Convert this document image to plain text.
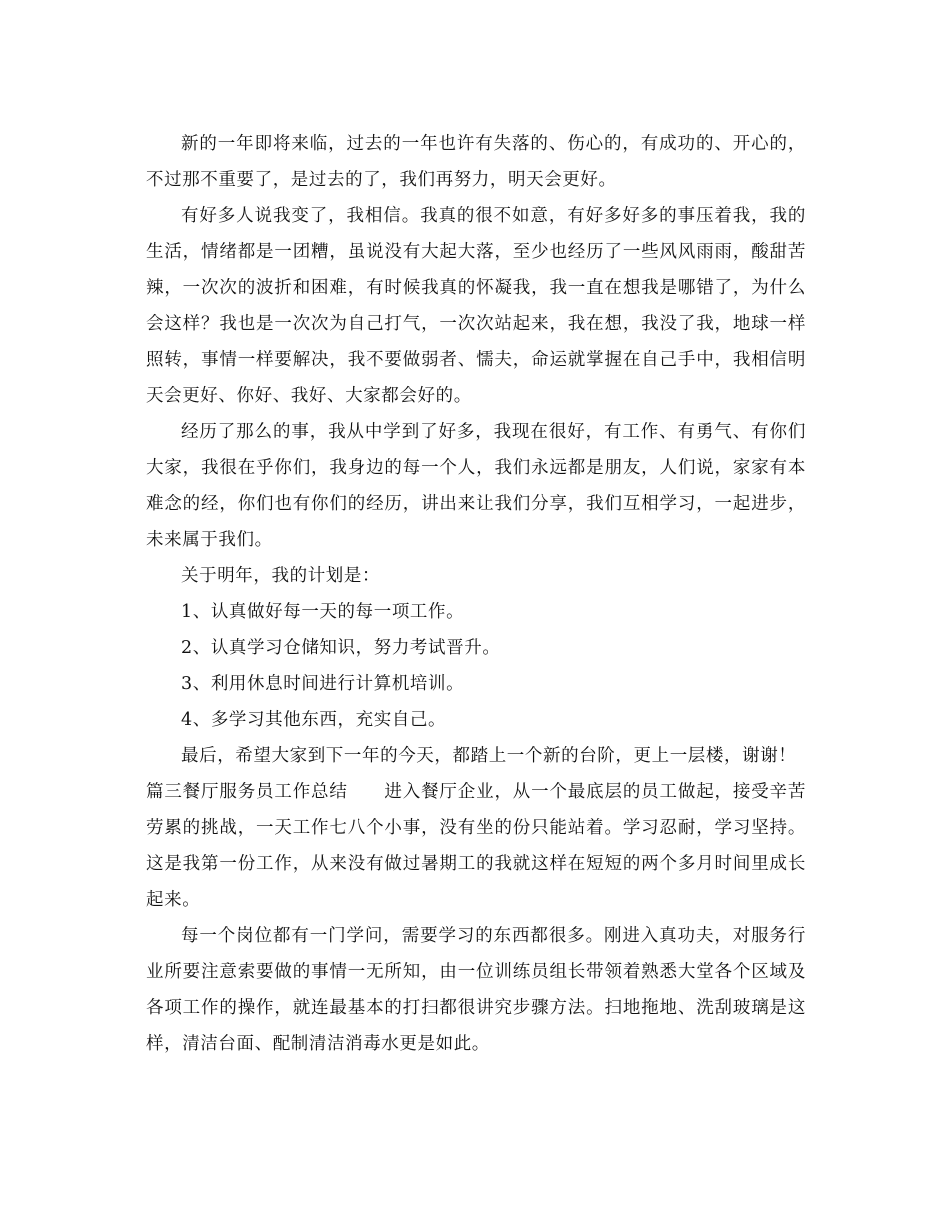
新的一年即将来临，过去的一年也许有失落的、伤心的，有成功的、开心的，不过那不重要了，是过去的了，我们再努力，明天会更好。

有好多人说我变了，我相信。我真的很不如意，有好多好多的事压着我，我的生活，情绪都是一团糟，虽说没有大起大落，至少也经历了一些风风雨雨，酸甜苦辣，一次次的波折和困难，有时候我真的怀凝我，我一直在想我是哪错了，为什么会这样？我也是一次次为自己打气，一次次站起来，我在想，我没了我，地球一样照转，事情一样要解决，我不要做弱者、懦夫，命运就掌握在自己手中，我相信明天会更好、你好、我好、大家都会好的。

经历了那么的事，我从中学到了好多，我现在很好，有工作、有勇气、有你们大家，我很在乎你们，我身边的每一个人，我们永远都是朋友，人们说，家家有本难念的经，你们也有你们的经历，讲出来让我们分享，我们互相学习，一起进步，未来属于我们。

关于明年，我的计划是：

1、认真做好每一天的每一项工作。

2、认真学习仓储知识，努力考试晋升。

3、利用休息时间进行计算机培训。

4、多学习其他东西，充实自己。

最后，希望大家到下一年的今天，都踏上一个新的台阶，更上一层楼，谢谢！

篇三餐厅服务员工作总结　　进入餐厅企业，从一个最底层的员工做起，接受辛苦劳累的挑战，一天工作七八个小事，没有坐的份只能站着。学习忍耐，学习坚持。这是我第一份工作，从来没有做过暑期工的我就这样在短短的两个多月时间里成长起来。

每一个岗位都有一门学问，需要学习的东西都很多。刚进入真功夫，对服务行业所要注意索要做的事情一无所知，由一位训练员组长带领着熟悉大堂各个区域及各项工作的操作，就连最基本的打扫都很讲究步骤方法。扫地拖地、洗刮玻璃是这样，清洁台面、配制清洁消毒水更是如此。
